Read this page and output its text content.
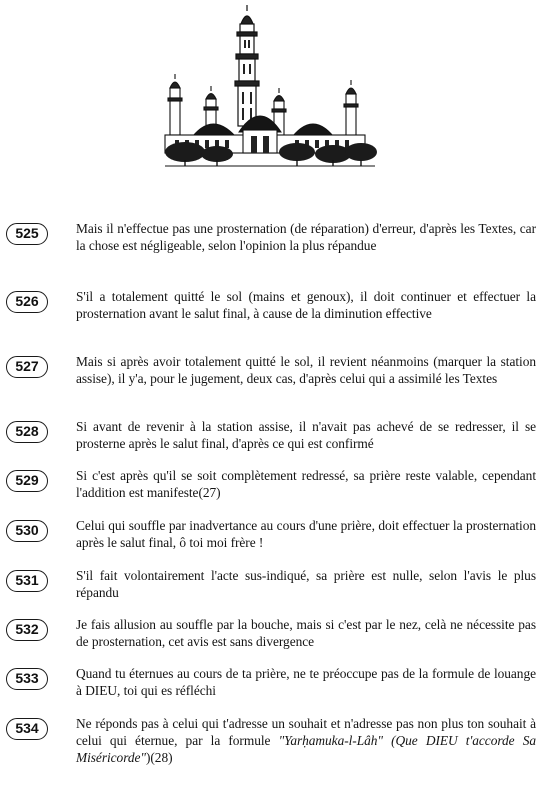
525	Mais il n'effectue pas une prosternation (de réparation) d'erreur, d'après les Textes, car la chose est négligeable, selon l'opinion la plus répandue
526	S'il a totalement quitté le sol (mains et genoux), il doit continuer et effectuer la prosternation avant le salut final, à cause de la diminution effective
527	Mais si après avoir totalement quitté le sol, il revient néanmoins (marquer la station assise), il y'a, pour le jugement, deux cas, d'après celui qui a assimilé les Textes
528	Si avant de revenir à la station assise, il n'avait pas achevé de se redresser, il se prosterne après le salut final, d'après ce qui est confirmé
529	Si c'est après qu'il se soit complètement redressé, sa prière reste valable, cependant l'addition est manifeste(27)
530	Celui qui souffle par inadvertance au cours d'une prière, doit effectuer la prosternation après le salut final, ô toi moi frère !
531	S'il fait volontairement l'acte sus-indiqué, sa prière est nulle, selon l'avis le plus répandu
532	Je fais allusion au souffle par la bouche, mais si c'est par le nez, celà ne nécessite pas de prosternation, cet avis est sans divergence
533	Quand tu éternues au cours de ta prière, ne te préoccupe pas de la formule de louange à DIEU, toi qui es réfléchi
534	Ne réponds pas à celui qui t'adresse un souhait et n'adresse pas non plus ton souhait à celui qui éternue, par la formule "Yarḥamuka-l-Lâh" (Que DIEU t'accorde Sa Miséricorde")(28)
